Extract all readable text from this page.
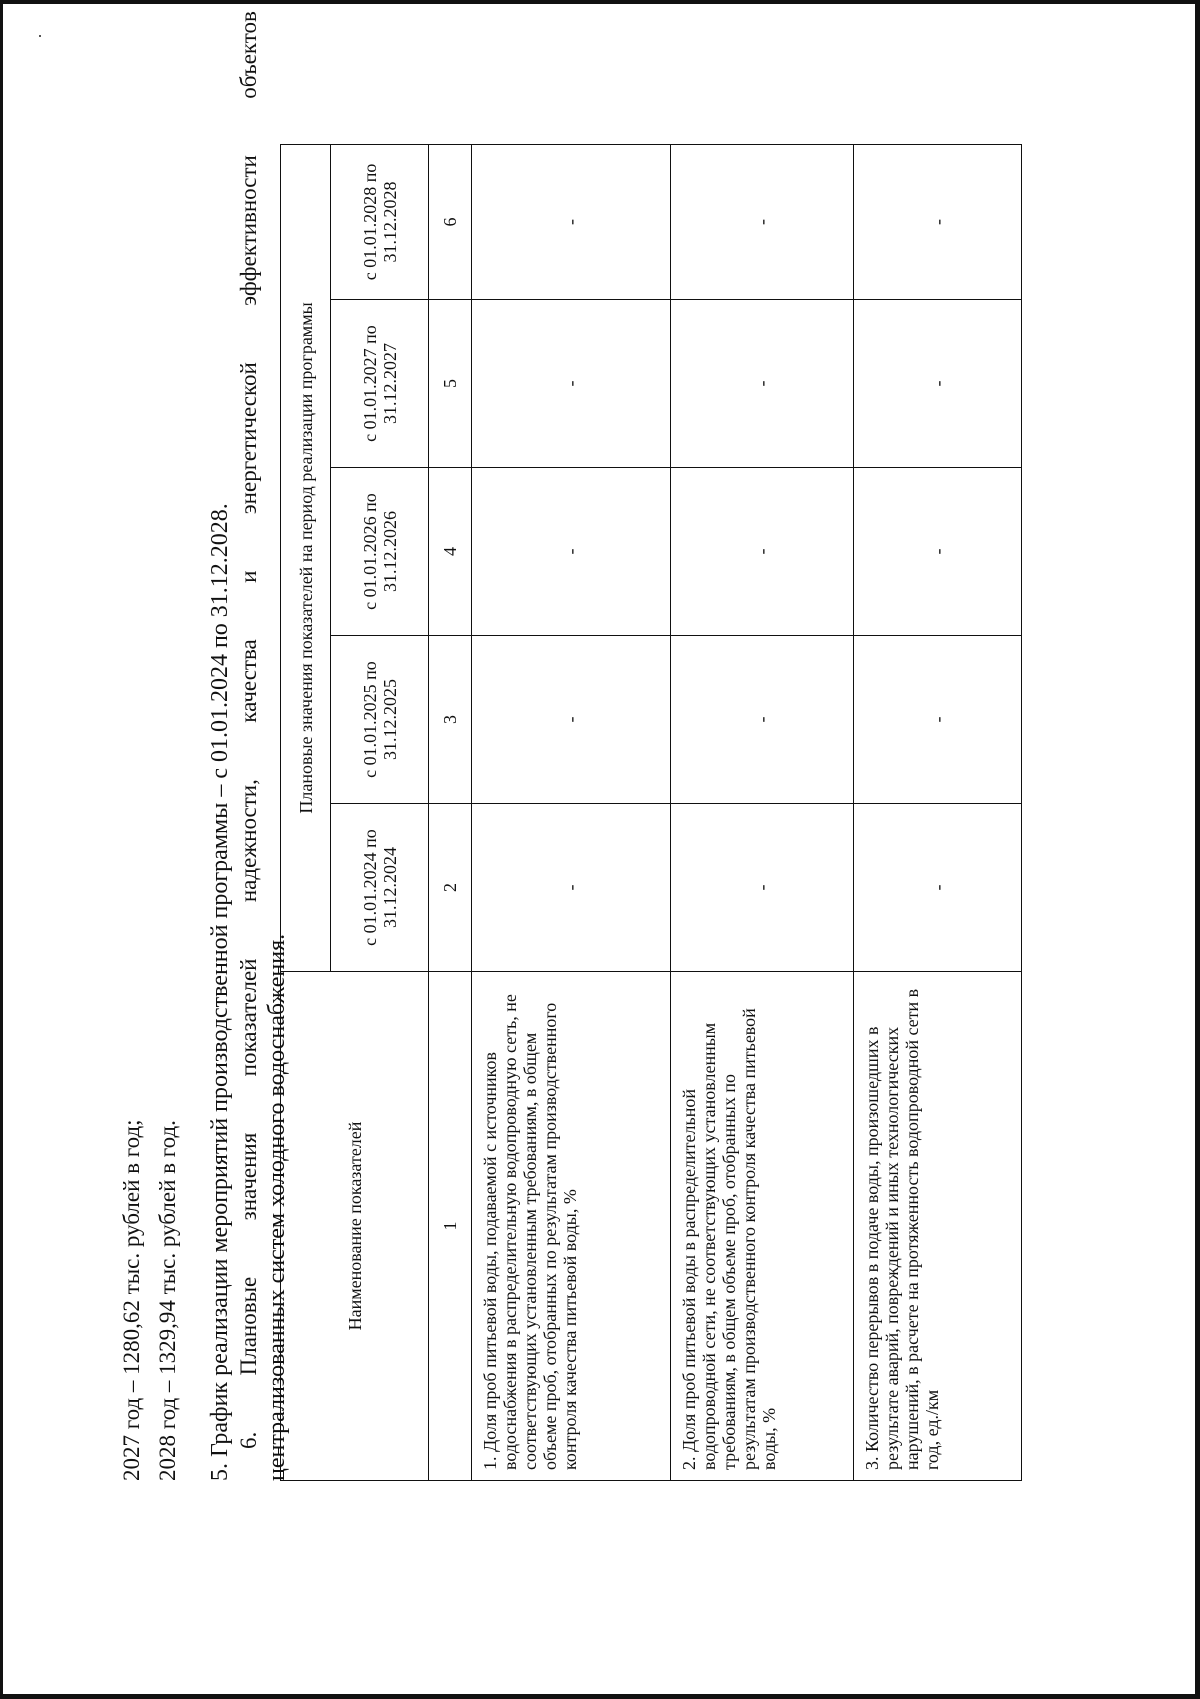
2027 год – 1280,62 тыс. рублей в год; 2028 год – 1329,94 тыс. рублей в год. 5. График реализации мероприятий производственной программы – с 01.01.2024 по 31.12.2028. 6.
Плановые
значения
показателей
надежности,
качества
и
энергетической
эффективности
объектов
централизованных систем холодного водоснабжения.	Наименование показателей	Плановые значения показателей на период реализации программы				
	с 01.01.2024 по 31.12.2024	с 01.01.2025 по 31.12.2025	с 01.01.2026 по 31.12.2026	с 01.01.2027 по 31.12.2027	с 01.01.2028 по 31.12.2028
1	2	3	4	5	6
1. Доля проб питьевой воды, подаваемой с источников водоснабжения в распределительную водопроводную сеть, не соответствующих установленным требованиям, в общем объеме проб, отобранных по результатам производственного контроля качества питьевой воды, %	-	-	-	-	-
2. Доля проб питьевой воды в распределительной водопроводной сети, не соответствующих установленным требованиям, в общем объеме проб, отобранных по результатам производственного контроля качества питьевой воды, %	-	-	-	-	-
3. Количество перерывов в подаче воды, произошедших в результате аварий, повреждений и иных технологических нарушений, в расчете на протяженность водопроводной сети в год, ед./км	-	-	-	-	-
